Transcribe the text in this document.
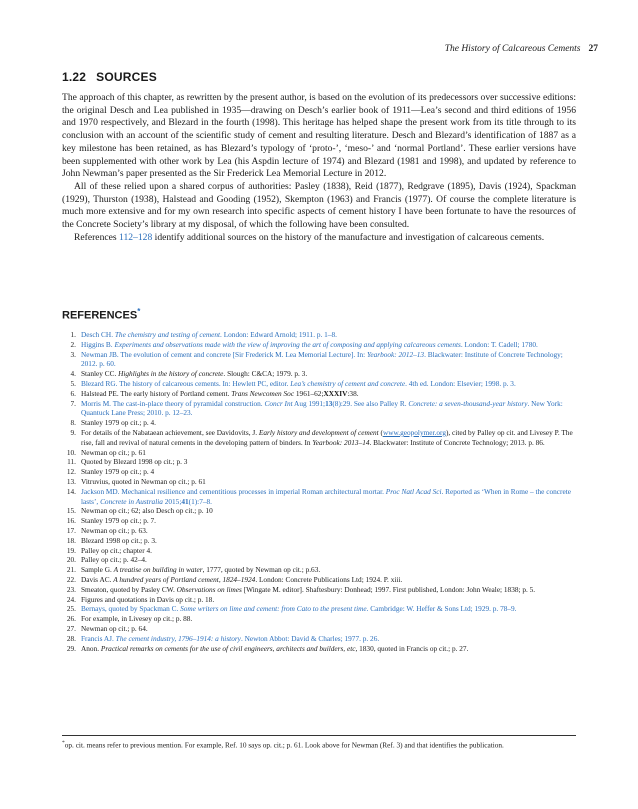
The History of Calcareous Cements 27
1.22 SOURCES

The approach of this chapter, as rewritten by the present author, is based on the evolution of its predecessors over successive editions: the original Desch and Lea published in 1935—drawing on Desch’s earlier book of 1911—Lea’s second and third editions of 1956 and 1970 respectively, and Blezard in the fourth (1998). This heritage has helped shape the present work from its title through to its conclusion with an account of the scientific study of cement and resulting literature. Desch and Blezard’s identification of 1887 as a key milestone has been retained, as has Blezard’s typology of ‘proto-’, ‘meso-’ and ‘normal Portland’. These earlier versions have been supplemented with other work by Lea (his Aspdin lecture of 1974) and Blezard (1981 and 1998), and updated by reference to John Newman’s paper presented as the Sir Frederick Lea Memorial Lecture in 2012.

All of these relied upon a shared corpus of authorities: Pasley (1838), Reid (1877), Redgrave (1895), Davis (1924), Spackman (1929), Thurston (1938), Halstead and Gooding (1952), Skempton (1963) and Francis (1977). Of course the complete literature is much more extensive and for my own research into specific aspects of cement history I have been fortunate to have the resources of the Concrete Society’s library at my disposal, of which the following have been consulted.

References 112–128 identify additional sources on the history of the manufacture and investigation of calcareous cements.

REFERENCES*
1. Desch CH. The chemistry and testing of cement. London: Edward Arnold; 1911. p. 1–8.
2. Higgins B. Experiments and observations made with the view of improving the art of composing and applying calcareous cements. London: T. Cadell; 1780.
3. Newman JB. The evolution of cement and concrete [Sir Frederick M. Lea Memorial Lecture]. In: Yearbook: 2012–13. Blackwater: Institute of Concrete Technology; 2012. p. 60.
4. Stanley CC. Highlights in the history of concrete. Slough: C&CA; 1979. p. 3.
5. Blezard RG. The history of calcareous cements. In: Hewlett PC, editor. Lea’s chemistry of cement and concrete. 4th ed. London: Elsevier; 1998. p. 3.
6. Halstead PE. The early history of Portland cement. Trans Newcomen Soc 1961–62;XXXIV:38.
7. Morris M. The cast-in-place theory of pyramidal construction. Concr Int Aug 1991;13(8):29. See also Palley R. Concrete: a seven-thousand-year history. New York: Quantuck Lane Press; 2010. p. 12–23.
8. Stanley 1979 op cit.; p. 4.
9. For details of the Nabataean achievement, see Davidovits, J. Early history and development of cement (www.geopolymer.org), cited by Palley op cit. and Livesey P. The rise, fall and revival of natural cements in the developing pattern of binders. In Yearbook: 2013–14. Blackwater: Institute of Concrete Technology; 2013. p. 86.
10. Newman op cit.; p. 61
11. Quoted by Blezard 1998 op cit.; p. 3
12. Stanley 1979 op cit.; p. 4
13. Vitruvius, quoted in Newman op cit.; p. 61
14. Jackson MD. Mechanical resilience and cementitious processes in imperial Roman architectural mortar. Proc Natl Acad Sci. Reported as ‘When in Rome – the concrete lasts’, Concrete in Australia 2015;41(1):7–8.
15. Newman op cit.; 62; also Desch op cit.; p. 10
16. Stanley 1979 op cit.; p. 7.
17. Newman op cit.; p. 63.
18. Blezard 1998 op cit.; p. 3.
19. Palley op cit.; chapter 4.
20. Palley op cit.; p. 42–4.
21. Sample G. A treatise on building in water, 1777, quoted by Newman op cit.; p.63.
22. Davis AC. A hundred years of Portland cement, 1824–1924. London: Concrete Publications Ltd; 1924. P. xiii.
23. Smeaton, quoted by Pasley CW. Observations on limes [Wingate M. editor]. Shaftesbury: Donhead; 1997. First published, London: John Weale; 1838; p. 5.
24. Figures and quotations in Davis op cit.; p. 18.
25. Bernays, quoted by Spackman C. Some writers on lime and cement: from Cato to the present time. Cambridge: W. Heffer & Sons Ltd; 1929. p. 78–9.
26. For example, in Livesey op cit.; p. 88.
27. Newman op cit.; p. 64.
28. Francis AJ. The cement industry, 1796–1914: a history. Newton Abbot: David & Charles; 1977. p. 26.
29. Anon. Practical remarks on cements for the use of civil engineers, architects and builders, etc, 1830, quoted in Francis op cit.; p. 27.
*op. cit. means refer to previous mention. For example, Ref. 10 says op. cit.; p. 61. Look above for Newman (Ref. 3) and that identifies the publication.
